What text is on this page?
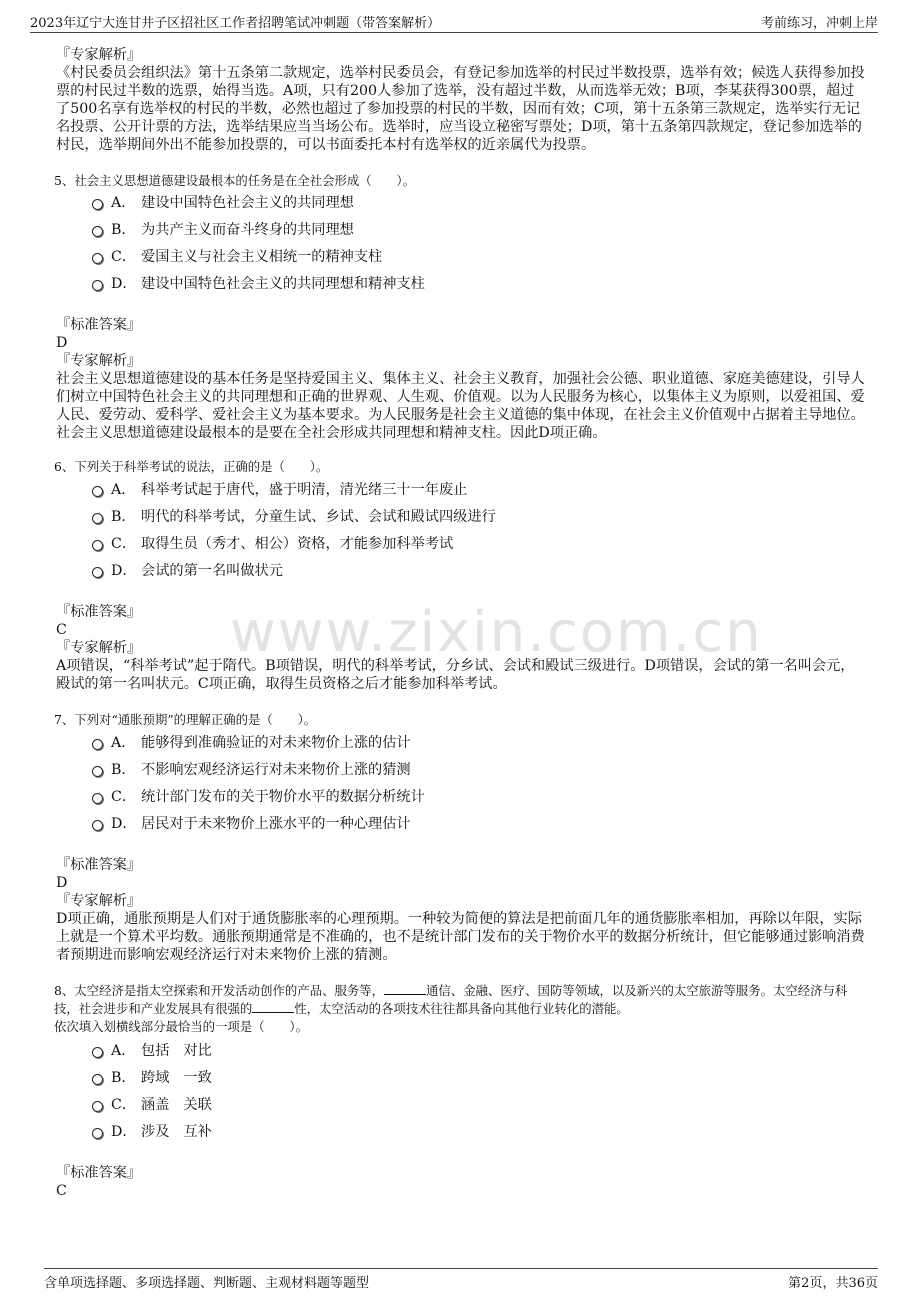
2023年辽宁大连甘井子区招社区工作者招聘笔试冲刺题（带答案解析）	考前练习，冲刺上岸
www.zixin.com.cn
『专家解析』

《村民委员会组织法》第十五条第二款规定，选举村民委员会，有登记参加选举的村民过半数投票，选举有效；候选人获得参加投票的村民过半数的选票，始得当选。A项，只有200人参加了选举，没有超过半数，从而选举无效；B项，李某获得300票，超过了500名享有选举权的村民的半数，必然也超过了参加投票的村民的半数，因而有效；C项，第十五条第三款规定，选举实行无记名投票、公开计票的方法，选举结果应当当场公布。选举时，应当设立秘密写票处；D项，第十五条第四款规定，登记参加选举的村民，选举期间外出不能参加投票的，可以书面委托本村有选举权的近亲属代为投票。

5、社会主义思想道德建设最根本的任务是在全社会形成（　　）。
A． 建设中国特色社会主义的共同理想
B． 为共产主义而奋斗终身的共同理想
C． 爱国主义与社会主义相统一的精神支柱
D． 建设中国特色社会主义的共同理想和精神支柱
『标准答案』
D
『专家解析』

社会主义思想道德建设的基本任务是坚持爱国主义、集体主义、社会主义教育，加强社会公德、职业道德、家庭美德建设，引导人们树立中国特色社会主义的共同理想和正确的世界观、人生观、价值观。以为人民服务为核心，以集体主义为原则，以爱祖国、爱人民、爱劳动、爱科学、爱社会主义为基本要求。为人民服务是社会主义道德的集中体现，在社会主义价值观中占据着主导地位。社会主义思想道德建设最根本的是要在全社会形成共同理想和精神支柱。因此D项正确。

6、下列关于科举考试的说法，正确的是（　　）。
A． 科举考试起于唐代，盛于明清，清光绪三十一年废止
B． 明代的科举考试，分童生试、乡试、会试和殿试四级进行
C． 取得生员（秀才、相公）资格，才能参加科举考试
D． 会试的第一名叫做状元
『标准答案』
C
『专家解析』

A项错误，“科举考试”起于隋代。B项错误，明代的科举考试，分乡试、会试和殿试三级进行。D项错误，会试的第一名叫会元，殿试的第一名叫状元。C项正确，取得生员资格之后才能参加科举考试。

7、下列对“通胀预期”的理解正确的是（　　）。
A． 能够得到准确验证的对未来物价上涨的估计
B． 不影响宏观经济运行对未来物价上涨的猜测
C． 统计部门发布的关于物价水平的数据分析统计
D． 居民对于未来物价上涨水平的一种心理估计
『标准答案』
D
『专家解析』

D项正确，通胀预期是人们对于通货膨胀率的心理预期。一种较为简便的算法是把前面几年的通货膨胀率相加，再除以年限，实际上就是一个算术平均数。通胀预期通常是不准确的，也不是统计部门发布的关于物价水平的数据分析统计，但它能够通过影响消费者预期进而影响宏观经济运行对未来物价上涨的猜测。

8、太空经济是指太空探索和开发活动创作的产品、服务等，	通信、金融、医疗、国防等领域，以及新兴的太空旅游等服务。太空经济与科技，社会进步和产业发展具有很强的	性，太空活动的各项技术往往都具备向其他行业转化的潜能。
依次填入划横线部分最恰当的一项是（　　）。
A． 包括 对比
B． 跨域 一致
C． 涵盖 关联
D． 涉及 互补
『标准答案』
C
含单项选择题、多项选择题、判断题、主观材料题等题型	第2页，共36页
